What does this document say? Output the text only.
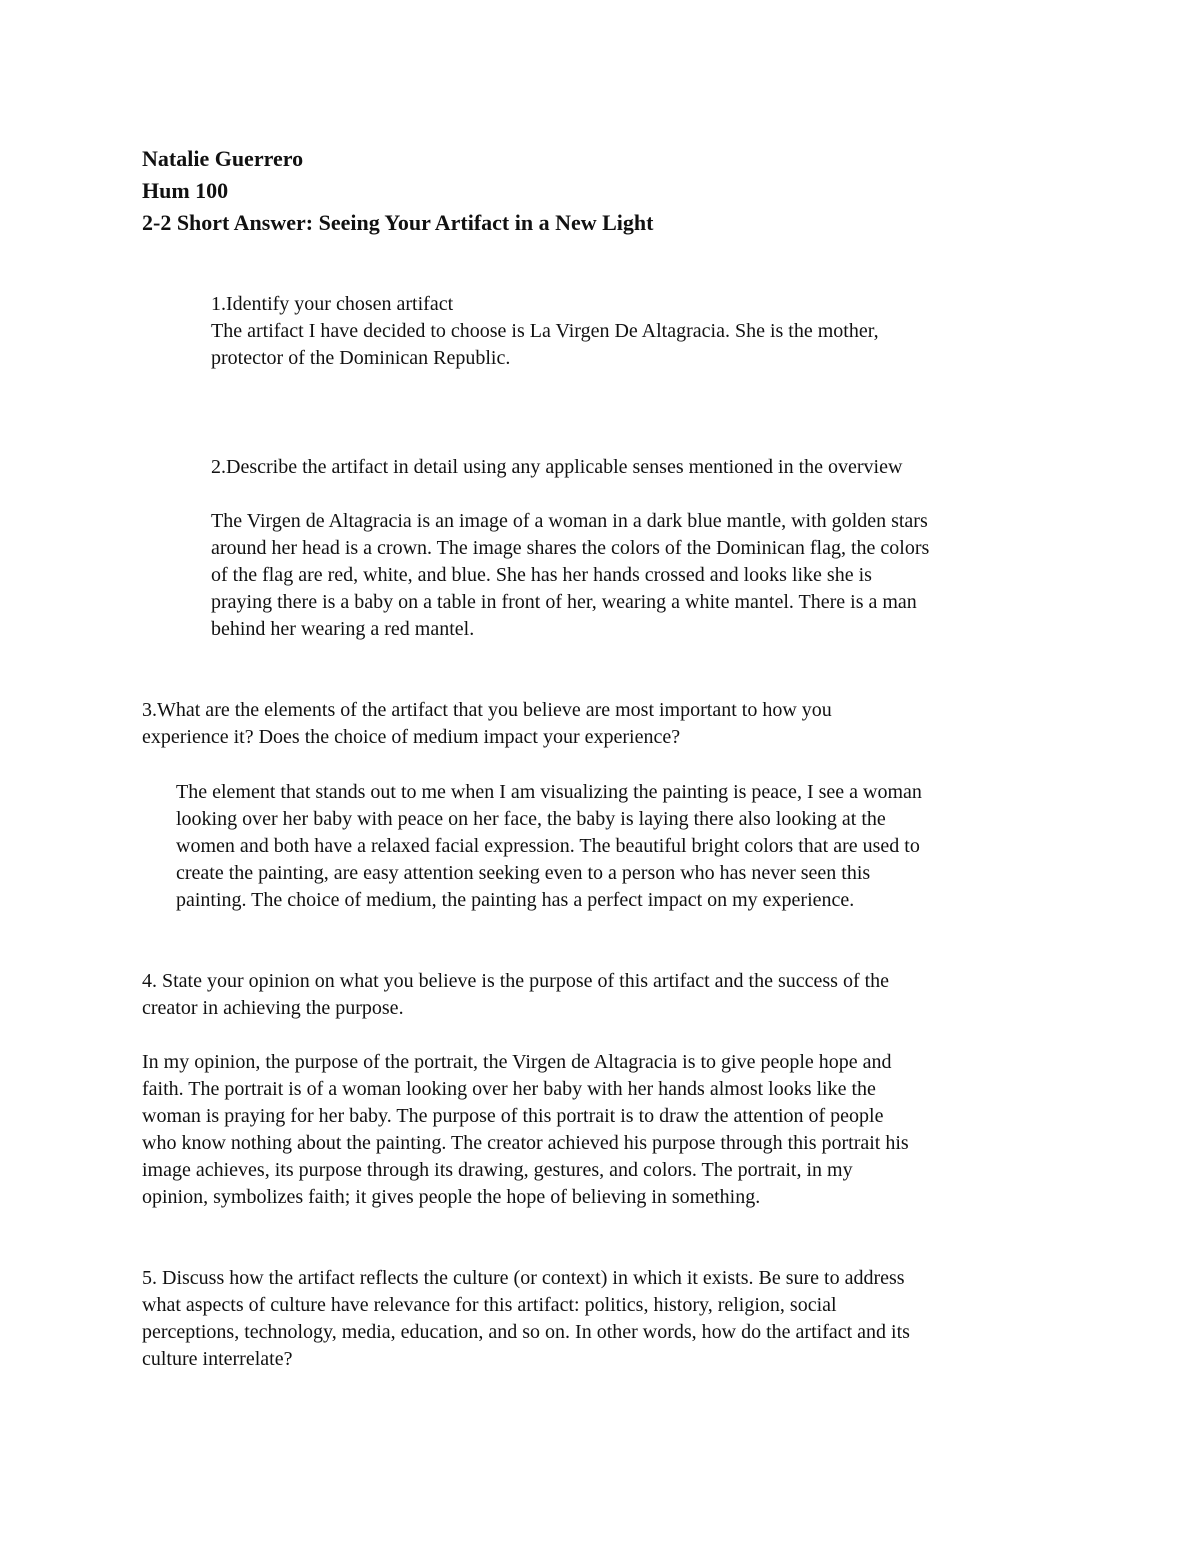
Natalie Guerrero
Hum 100
2-2 Short Answer: Seeing Your Artifact in a New Light
1.Identify your chosen artifact
The artifact I have decided to choose is La Virgen De Altagracia. She is the mother,
protector of the Dominican Republic.
2.Describe the artifact in detail using any applicable senses mentioned in the overview
The Virgen de Altagracia is an image of a woman in a dark blue mantle, with golden stars
around her head is a crown. The image shares the colors of the Dominican flag, the colors
of the flag are red, white, and blue. She has her hands crossed and looks like she is
praying there is a baby on a table in front of her, wearing a white mantel. There is a man
behind her wearing a red mantel.
3.What are the elements of the artifact that you believe are most important to how you
experience it? Does the choice of medium impact your experience?
The element that stands out to me when I am visualizing the painting is peace, I see a woman
looking over her baby with peace on her face, the baby is laying there also looking at the
women and both have a relaxed facial expression. The beautiful bright colors that are used to
create the painting, are easy attention seeking even to a person who has never seen this
painting. The choice of medium, the painting has a perfect impact on my experience.
4. State your opinion on what you believe is the purpose of this artifact and the success of the
creator in achieving the purpose.
In my opinion, the purpose of the portrait, the Virgen de Altagracia is to give people hope and
faith. The portrait is of a woman looking over her baby with her hands almost looks like the
woman is praying for her baby. The purpose of this portrait is to draw the attention of people
who know nothing about the painting. The creator achieved his purpose through this portrait his
image achieves, its purpose through its drawing, gestures, and colors. The portrait, in my
opinion, symbolizes faith; it gives people the hope of believing in something.
5. Discuss how the artifact reflects the culture (or context) in which it exists. Be sure to address
what aspects of culture have relevance for this artifact: politics, history, religion, social
perceptions, technology, media, education, and so on. In other words, how do the artifact and its
culture interrelate?
